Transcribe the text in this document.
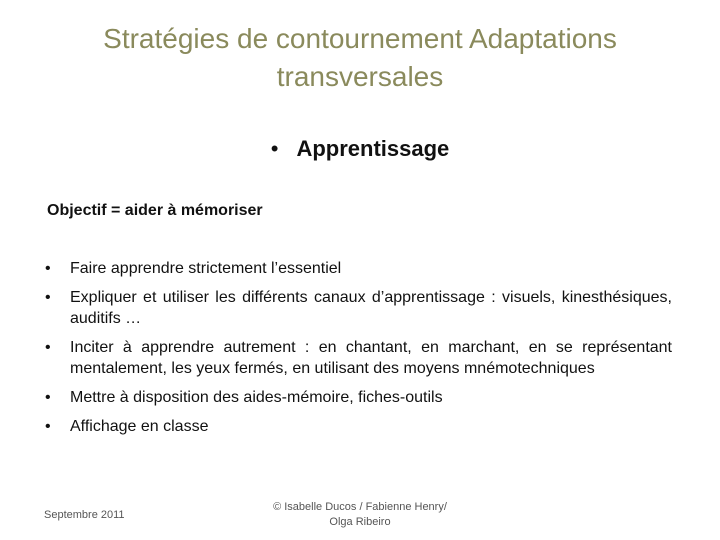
Stratégies de contournement Adaptations transversales
• Apprentissage
Objectif = aider à mémoriser
• Faire apprendre strictement l’essentiel
• Expliquer et utiliser les différents canaux d’apprentissage : visuels, kinesthésiques, auditifs …
• Inciter à apprendre autrement : en chantant, en marchant, en se représentant mentalement, les yeux fermés, en utilisant des moyens mnémotechniques
• Mettre à disposition des aides-mémoire, fiches-outils
• Affichage en classe
Septembre 2011
© Isabelle Ducos / Fabienne Henry/
Olga Ribeiro
